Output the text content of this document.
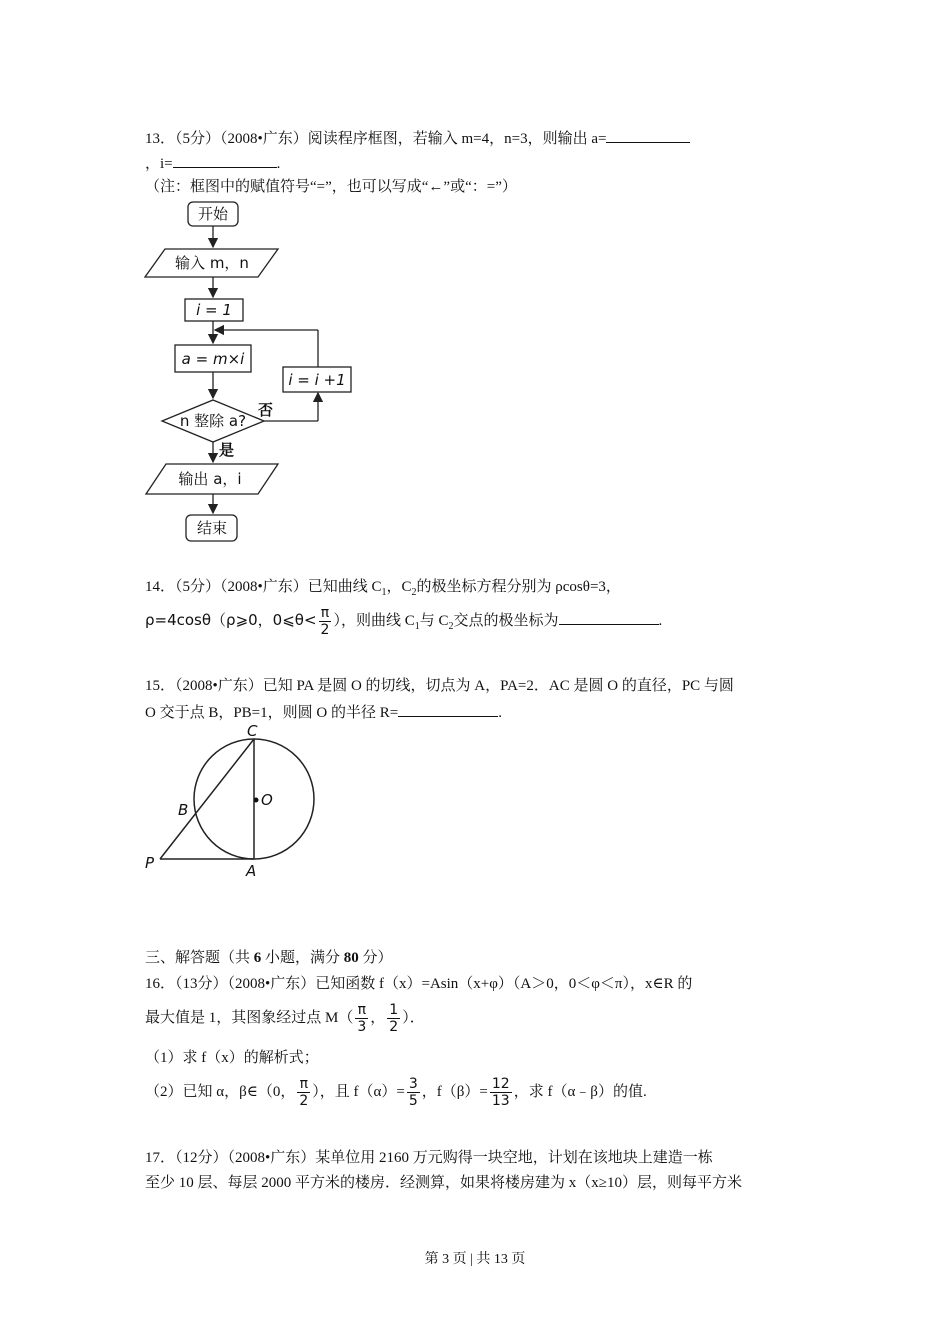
13．（5分）（2008•广东）阅读程序框图，若输入 m=4，n=3，则输出 a=
，i=	.
（注：框图中的赋值符号“=”，也可以写成“←”或“：=”）
开始
输入 m，n
i = 1
a = m×i
i = i +1
n 整除 a?
否
是
输出 a，i
结束
14．（5分）（2008•广东）已知曲线 $C_1$，$C_2$的极坐标方程分别为 ρcosθ=3，
ρ=4cosθ（ρ⩾0，0⩽θ< $\frac{\pi}{2}$ ），则曲线 $C_1$与 $C_2$交点的极坐标为	.
15．（2008•广东）已知 PA 是圆 O 的切线，切点为 A，PA=2．AC 是圆 O 的直径，PC 与圆
O 交于点 B，PB=1，则圆 O 的半径 R=	.
C
O
B
P	A
三、解答题（共 6 小题，满分 80 分）
16．（13分）（2008•广东）已知函数 f（x）=Asin（x+φ）（A＞0，0＜φ＜π），x∈R 的
最大值是 1，其图象经过点 $M( \frac{\pi}{3}$ ， $\frac{1}{2}$ ）．
（1）求 f（x）的解析式；
（2）已知 α，β∈（0， $\frac{\pi}{2}$ ），且 $f(\alpha)= \frac{3}{5}$ ，$f(\beta)= \frac{12}{13}$ ，求 f（α﹣β）的值.
17．（12分）（2008•广东）某单位用 2160 万元购得一块空地，计划在该地块上建造一栋
至少 10 层、每层 2000 平方米的楼房．经测算，如果将楼房建为 x（x≥10）层，则每平方米
第 3 页 | 共 13 页
